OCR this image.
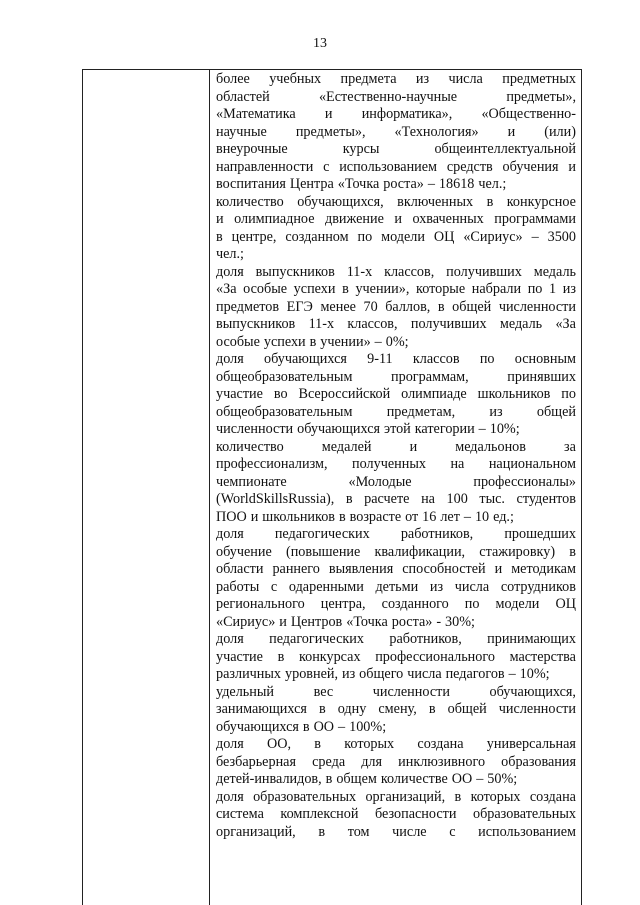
13
более учебных предмета из числа предметных
областей	«Естественно-научные	предметы»,
«Математика и информатика», «Общественно-
научные предметы», «Технология» и (или)
внеурочные	курсы	общеинтеллектуальной
направленности с использованием средств обучения и
воспитания Центра «Точка роста» – 18618 чел.;
количество обучающихся, включенных в конкурсное
и олимпиадное движение и охваченных программами
в центре, созданном по модели ОЦ «Сириус» – 3500
чел.;
доля выпускников 11-х классов, получивших медаль
«За особые успехи в учении», которые набрали по 1 из
предметов ЕГЭ менее 70 баллов, в общей численности
выпускников 11-х классов, получивших медаль «За
особые успехи в учении» – 0%;
доля обучающихся 9-11 классов по основным
общеобразовательным	программам,	принявших
участие во Всероссийской олимпиаде школьников по
общеобразовательным предметам, из общей
численности обучающихся этой категории – 10%;
количество	медалей	и	медальонов	за
профессионализм, полученных на национальном
чемпионате	«Молодые	профессионалы»
(WorldSkillsRussia), в расчете на 100 тыс. студентов
ПОО и школьников в возрасте от 16 лет – 10 ед.;
доля педагогических работников, прошедших
обучение (повышение квалификации, стажировку) в
области раннего выявления способностей и методикам
работы с одаренными детьми из числа сотрудников
регионального центра, созданного по модели ОЦ
«Сириус» и Центров «Точка роста» - 30%;
доля педагогических работников, принимающих
участие в конкурсах профессионального мастерства
различных уровней, из общего числа педагогов – 10%;
удельный	вес	численности	обучающихся,
занимающихся в одну смену, в общей численности
обучающихся в ОО – 100%;
доля ОО, в которых создана универсальная
безбарьерная среда для инклюзивного образования
детей-инвалидов, в общем количестве ОО – 50%;
доля образовательных организаций, в которых создана
система комплексной безопасности образовательных
организаций, в том числе с использованием
